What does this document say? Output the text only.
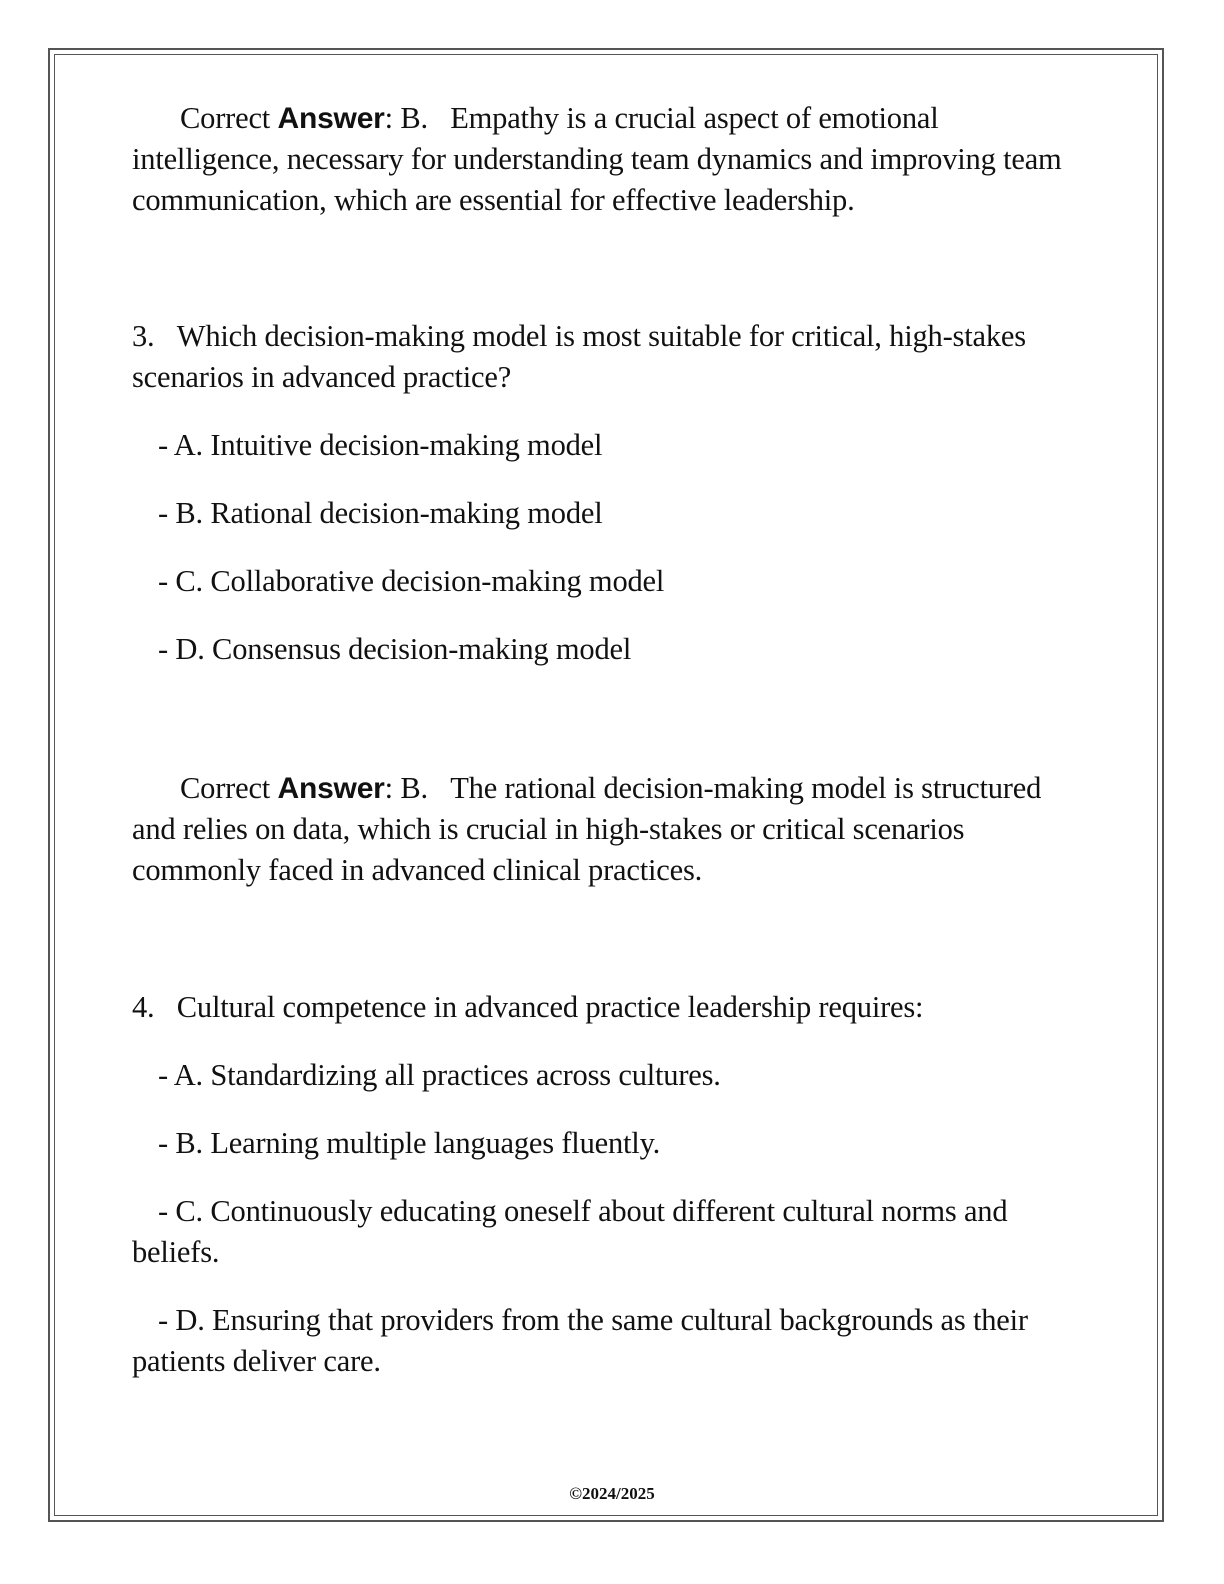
Correct Answer: B. Empathy is a crucial aspect of emotional intelligence, necessary for understanding team dynamics and improving team communication, which are essential for effective leadership.

3. Which decision-making model is most suitable for critical, high-stakes scenarios in advanced practice?

- A. Intuitive decision-making model

- B. Rational decision-making model

- C. Collaborative decision-making model

- D. Consensus decision-making model

Correct Answer: B. The rational decision-making model is structured and relies on data, which is crucial in high-stakes or critical scenarios commonly faced in advanced clinical practices.

4. Cultural competence in advanced practice leadership requires:

- A. Standardizing all practices across cultures.

- B. Learning multiple languages fluently.

- C. Continuously educating oneself about different cultural norms and beliefs.

- D. Ensuring that providers from the same cultural backgrounds as their patients deliver care.

©2024/2025
